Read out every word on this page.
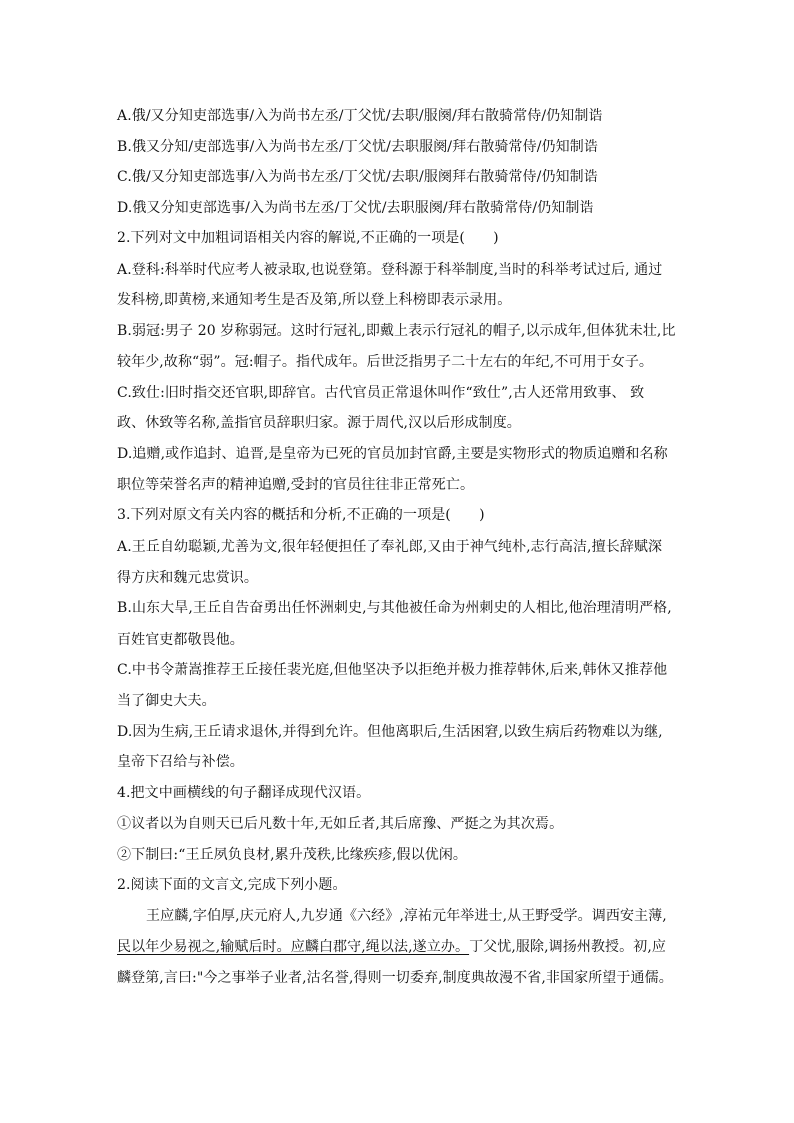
A.俄/又分知吏部选事/入为尚书左丞/丁父忧/去职/服阕/拜右散骑常侍/仍知制诰
B.俄又分知/吏部选事/入为尚书左丞/丁父忧/去职服阕/拜右散骑常侍/仍知制诰
C.俄/又分知吏部选事/入为尚书左丞/丁父忧/去职/服阕拜右散骑常侍/仍知制诰
D.俄又分知吏部选事/入为尚书左丞/丁父忧/去职服阕/拜右散骑常侍/仍知制诰
2.下列对文中加粗词语相关内容的解说,不正确的一项是(　　)
A.登科:科举时代应考人被录取,也说登第。登科源于科举制度,当时的科举考试过后, 通过
发科榜,即黄榜,来通知考生是否及第,所以登上科榜即表示录用。
B.弱冠:男子 20 岁称弱冠。这时行冠礼,即戴上表示行冠礼的帽子,以示成年,但体犹未壮,比
较年少,故称“弱”。冠:帽子。指代成年。后世泛指男子二十左右的年纪,不可用于女子。
C.致仕:旧时指交还官职,即辞官。古代官员正常退休叫作“致仕”,古人还常用致事、 致
政、休致等名称,盖指官员辞职归家。源于周代,汉以后形成制度。
D.追赠,或作追封、追晋,是皇帝为已死的官员加封官爵,主要是实物形式的物质追赠和名称
职位等荣誉名声的精神追赠,受封的官员往往非正常死亡。
3.下列对原文有关内容的概括和分析,不正确的一项是(　　)
A.王丘自幼聪颖,尤善为文,很年轻便担任了奉礼郎,又由于神气纯朴,志行高洁,擅长辞赋深
得方庆和魏元忠赏识。
B.山东大旱,王丘自告奋勇出任怀洲刺史,与其他被任命为州刺史的人相比,他治理清明严格,
百姓官吏都敬畏他。
C.中书令萧嵩推荐王丘接任裴光庭,但他坚决予以拒绝并极力推荐韩休,后来,韩休又推荐他
当了御史大夫。
D.因为生病,王丘请求退休,并得到允许。但他离职后,生活困窘,以致生病后药物难以为继,
皇帝下召给与补偿。
4.把文中画横线的句子翻译成现代汉语。
①议者以为自则天已后凡数十年,无如丘者,其后席豫、严挺之为其次焉。
②下制曰:“王丘夙负良材,累升茂秩,比缘疾疹,假以优闲。
2.阅读下面的文言文,完成下列小题。
王应麟,字伯厚,庆元府人,九岁通《六经》,淳祐元年举进士,从王野受学。调西安主薄,
民以年少易视之,输赋后时。应麟白郡守,绳以法,遂立办。丁父忧,服除,调扬州教授。初,应
麟登第,言曰:"今之事举子业者,沽名誉,得则一切委弃,制度典故漫不省,非国家所望于通儒。
